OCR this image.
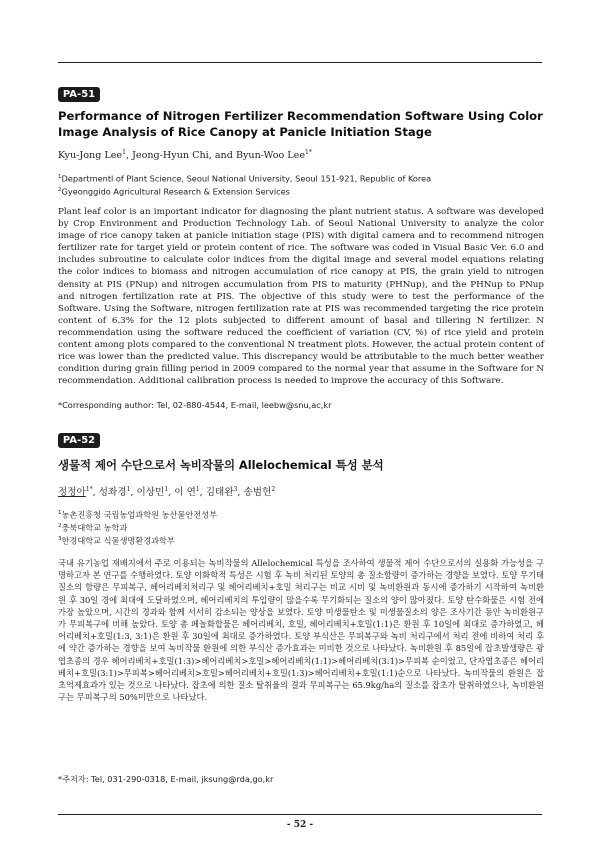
PA-51
Performance of Nitrogen Fertilizer Recommendation Software Using Color Image Analysis of Rice Canopy at Panicle Initiation Stage
Kyu-Jong Lee$^1$, Jeong-Hyun Chi, and Byun-Woo Lee$^{1*}$
$^1$Departmentl of Plant Science, Seoul National University, Seoul 151-921, Republic of Korea
$^2$Gyeonggido Agricultural Research & Extension Services
Plant leaf color is an important indicator for diagnosing the plant nutrient status. A software was developed by Crop Environment and Production Technology Lab. of Seoul National University to analyze the color image of rice canopy taken at panicle initiation stage (PIS) with digital camera and to recommend nitrogen fertilizer rate for target yield or protein content of rice. The software was coded in Visual Basic Ver. 6.0 and includes subroutine to calculate color indices from the digital image and several model equations relating the color indices to biomass and nitrogen accumulation of rice canopy at PIS, the grain yield to nitrogen density at PIS (PNup) and nitrogen accumulation from PIS to maturity (PHNup), and the PHNup to PNup and nitrogen fertilization rate at PIS. The objective of this study were to test the performance of the Software. Using the Software, nitrogen fertilization rate at PIS was recommended targeting the rice protein content of 6.3% for the 12 plots subjected to different amount of basal and tillering N fertilizer. N recommendation using the software reduced the coefficient of variation (CV, %) of rice yield and protein content among plots compared to the conventional N treatment plots. However, the actual protein content of rice was lower than the predicted value. This discrepancy would be attributable to the much better weather condition during grain filling period in 2009 compared to the normal year that assume in the Software for N recommendation. Additional calibration process is needed to improve the accuracy of this Software.
*Corresponding author: Tel, 02-880-4544, E-mail, leebw@snu,ac,kr
PA-52
생물적 제어 수단으로서 녹비작물의 Allelochemical 특성 분석
정정아$^{1*}$, 성좌경$^1$, 이상민$^1$, 이 연$^1$, 김태완$^3$, 송범헌$^2$
$^1$농촌진흥청 국립농업과학원 농산물안전성부
$^2$충북대학교 농학과
$^3$한경대학교 식물생명환경과학부
국내 유기농업 재배지에서 주로 이용되는 녹비작물의 Allelochemical 특성을 조사하여 생물적 제어 수단으로서의 실용화 가능성을 구명하고자 본 연구를 수행하였다. 토양 이화학적 특성은 시험 후 녹비 처리된 토양의 총 질소함량이 증가하는 경향을 보였다. 토양 무기태질소의 함량은 무피복구, 헤어리베치처리구 및 헤어리베치+호밀 처리구는 비교 시비 및 녹비환원과 동시에 증가하기 시작하여 녹비환원 후 30일 경에 최대에 도달하였으며, 헤어리베치의 투입량이 많을수록 무기화되는 질소의 양이 많아졌다. 토양 탄수화물은 시험 전에 가장 높았으며, 시간의 경과와 함께 서서히 감소되는 양상을 보였다. 토양 미생물탄소 및 미생물질소의 양은 조사기간 동안 녹비환원구가 무피복구에 비해 높았다. 토양 총 페놀화합물은 헤어리베치, 호밀, 헤어리베치+호밀(1:1)은 환원 후 10일에 최대로 증가하였고, 헤어리베치+호밀(1:3, 3:1)은 환원 후 30일에 최대로 증가하였다. 토양 부식산은 무피복구와 녹비 처리구에서 처리 전에 비하여 처리 후에 약간 증가하는 경향을 보여 녹비작물 환원에 의한 부식산 증가효과는 미비한 것으로 나타났다. 녹비환원 후 85일에 잡초발생량은 광엽초종의 경우 헤어리베치+호밀(1:3)>헤어리베치>호밀>헤어리베치(1:1)>헤어리베치(3:1)>무피복 순이었고, 단자엽초종은 헤어리베치+호밀(3:1)>무피복>헤어리베치>호밀>헤어리베치+호밀(1:3)>헤어리베치+호밀(1:1)순으로 나타났다. 녹비작물의 환원은 잡초억제효과가 있는 것으로 나타났다. 잡초에 의한 질소 탈취율의 결과 무피복구는 65.9kg/ha의 질소를 잡초가 탈취하였으나, 녹비환원구는 무피복구의 50%미만으로 나타났다.
*주저자: Tel, 031-290-0318, E-mail, jksung@rda,go,kr
- 52 -
